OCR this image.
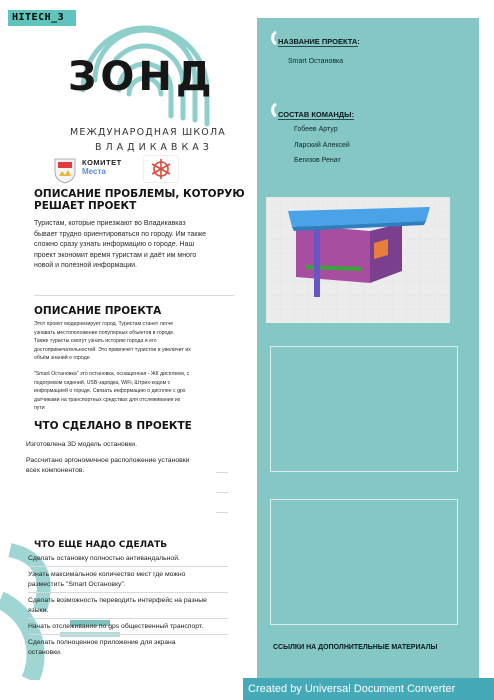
HITECH_3
ЗОНД
МЕЖДУНАРОДНАЯ ШКОЛА
ВЛАДИКАВКАЗ
КОМИТЕТ
Места
ОПИСАНИЕ ПРОБЛЕМЫ, КОТОРУЮ
РЕШАЕТ ПРОЕКТ
Туристам, которые приезжают во Владикавказ
бывает трудно ориентироваться по городу. Им также
сложно сразу узнать информацию о городе. Наш
проект экономит время туристам и даёт им много
новой и полезной информации.
ОПИСАНИЕ ПРОЕКТА
Этот проект модернизирует город. Туристам станет легче
узнавать местоположение популярных объектов в городе.
Также туристы смогут узнать историю города и его
достопримечательностей. Это привлечёт туристов и увеличит их
объём знаний о городе.
"Smart Остановка" это остановка, оснащенная - ЖК дисплеем, с
подогревом сидений, USB-зарядка, WiFi, Штрих-кодом с
информацией о городе. Связать информацию о дисплее с gps
датчиками на транспортных средствах для отслеживания их
пути
ЧТО СДЕЛАНО В ПРОЕКТЕ
Изготовлена 3D модель остановки.
Рассчитано эргономичное расположение установки
всех компонентов.
ЧТО ЕЩЕ НАДО СДЕЛАТЬ
Сделать остановку полностью антивандальной.
Узнать максимальное количество мест где можно
разместить "Smart Остановку".
Сделать возможность переводить интерфейс на разные
языки.
Начать отслеживание по gps общественный транспорт.
Сделать полноценное приложение для экрана
остановки.
НАЗВАНИЕ ПРОЕКТА:
Smart Остановка
СОСТАВ КОМАНДЫ:
Гобеев Артур
Ларский Алексей
Бегизов Ренат
ССЫЛКИ НА ДОПОЛНИТЕЛЬНЫЕ МАТЕРИАЛЫ
Created by Universal Document Converter
